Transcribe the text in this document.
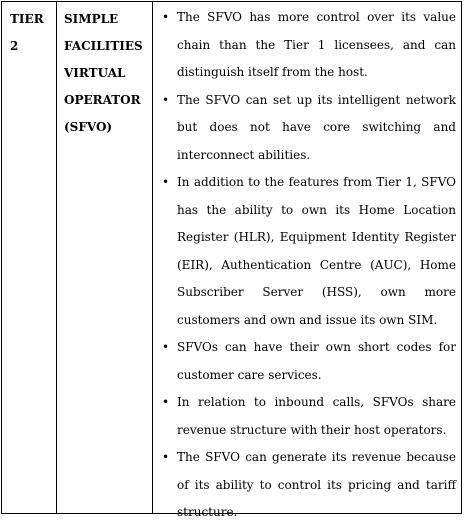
TIER
2
SIMPLE
FACILITIES
VIRTUAL
OPERATOR
(SFVO)
• The SFVO has more control over its value chain than the Tier 1 licensees, and can distinguish itself from the host.
• The SFVO can set up its intelligent network but does not have core switching and interconnect abilities.
• In addition to the features from Tier 1, SFVO has the ability to own its Home Location Register (HLR), Equipment Identity Register (EIR), Authentication Centre (AUC), Home Subscriber Server (HSS), own more customers and own and issue its own SIM.
• SFVOs can have their own short codes for customer care services.
• In relation to inbound calls, SFVOs share revenue structure with their host operators.
• The SFVO can generate its revenue because of its ability to control its pricing and tariff structure.
